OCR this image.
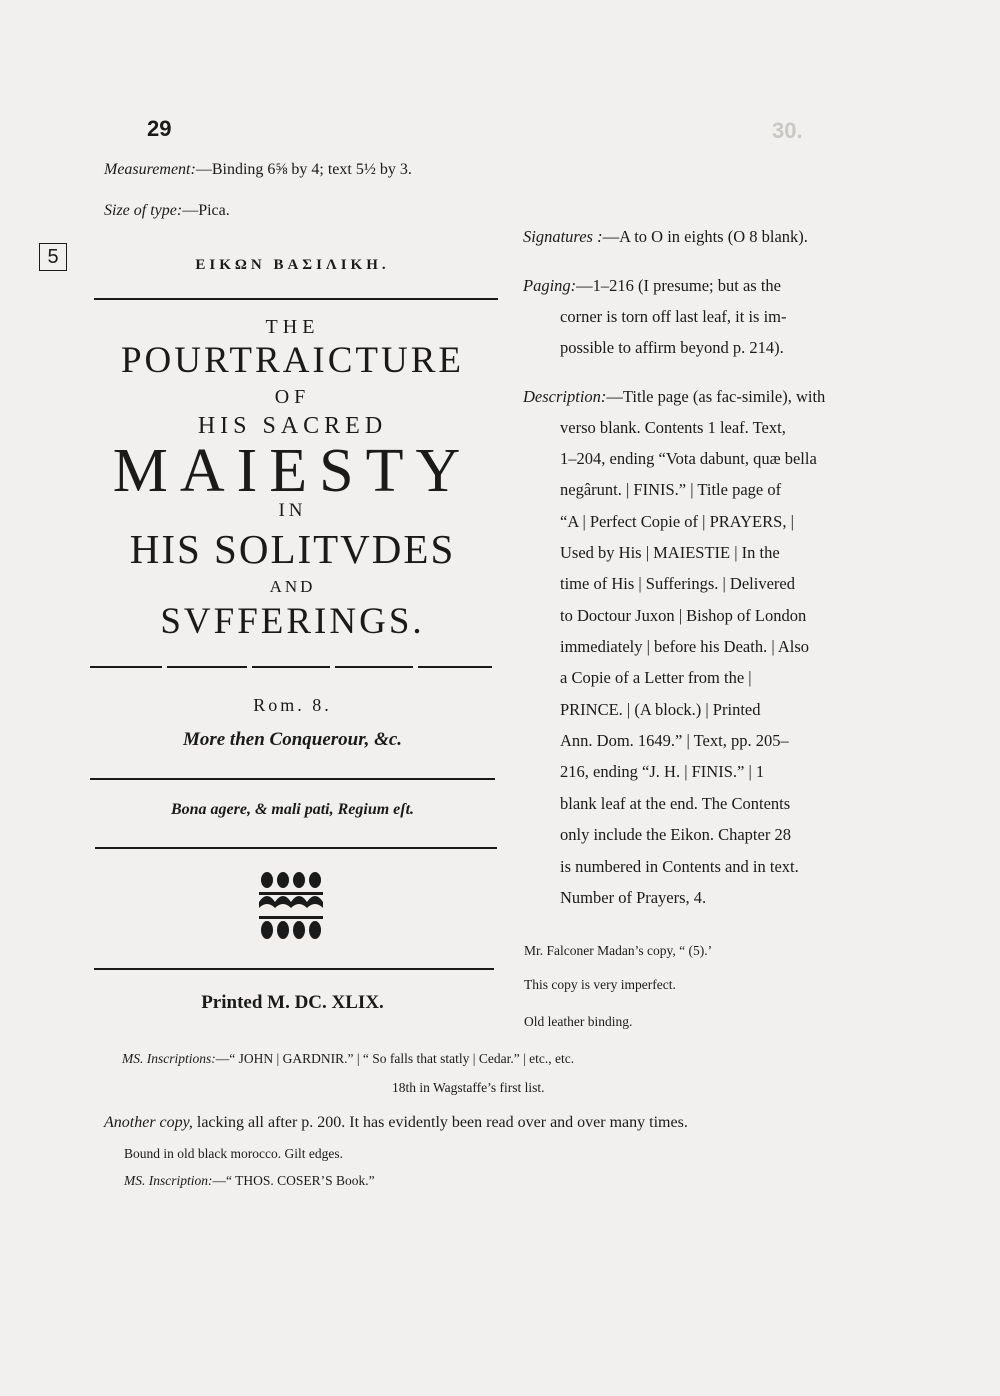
30.
29
Measurement:—Binding 6⅝ by 4; text 5½ by 3.
Size of type:—Pica.
5	ΕΙΚΩΝ ΒΑΣΙΛΙΚΗ.
THE
POURTRAICTURE
OF
HIS SACRED
MAIESTY
IN
HIS SOLITVDES
AND
SVFFERINGS.
Rom. 8.
More then Conquerour, &c.
Bona agere, & mali pati, Regium eſt.
Printed M. DC. XLIX.
Signatures :—A to O in eights (O 8 blank).
Paging:—1–216 (I presume; but as the
corner is torn off last leaf, it is im-
possible to affirm beyond p. 214).
Description:—Title page (as fac-simile), with
verso blank. Contents 1 leaf. Text,
1–204, ending “Vota dabunt, quæ bella
negârunt. | FINIS.” | Title page of
“A | Perfect Copie of | PRAYERS, |
Used by His | MAIESTIE | In the
time of His | Sufferings. | Delivered
to Doctour Juxon | Bishop of London
immediately | before his Death. | Also
a Copie of a Letter from the |
PRINCE. | (A block.) | Printed
Ann. Dom. 1649.” | Text, pp. 205–
216, ending “J. H. | FINIS.” | 1
blank leaf at the end. The Contents
only include the Eikon. Chapter 28
is numbered in Contents and in text.
Number of Prayers, 4.
Mr. Falconer Madan’s copy, “ (5).’
This copy is very imperfect.
Old leather binding.
MS. Inscriptions:—“ JOHN | GARDNIR.” | “ So falls that statly | Cedar.” | etc., etc.
18th in Wagstaffe’s first list.
Another copy, lacking all after p. 200. It has evidently been read over and over many times.
Bound in old black morocco. Gilt edges.
MS. Inscription:—“ THOS. COSER’S Book.”
